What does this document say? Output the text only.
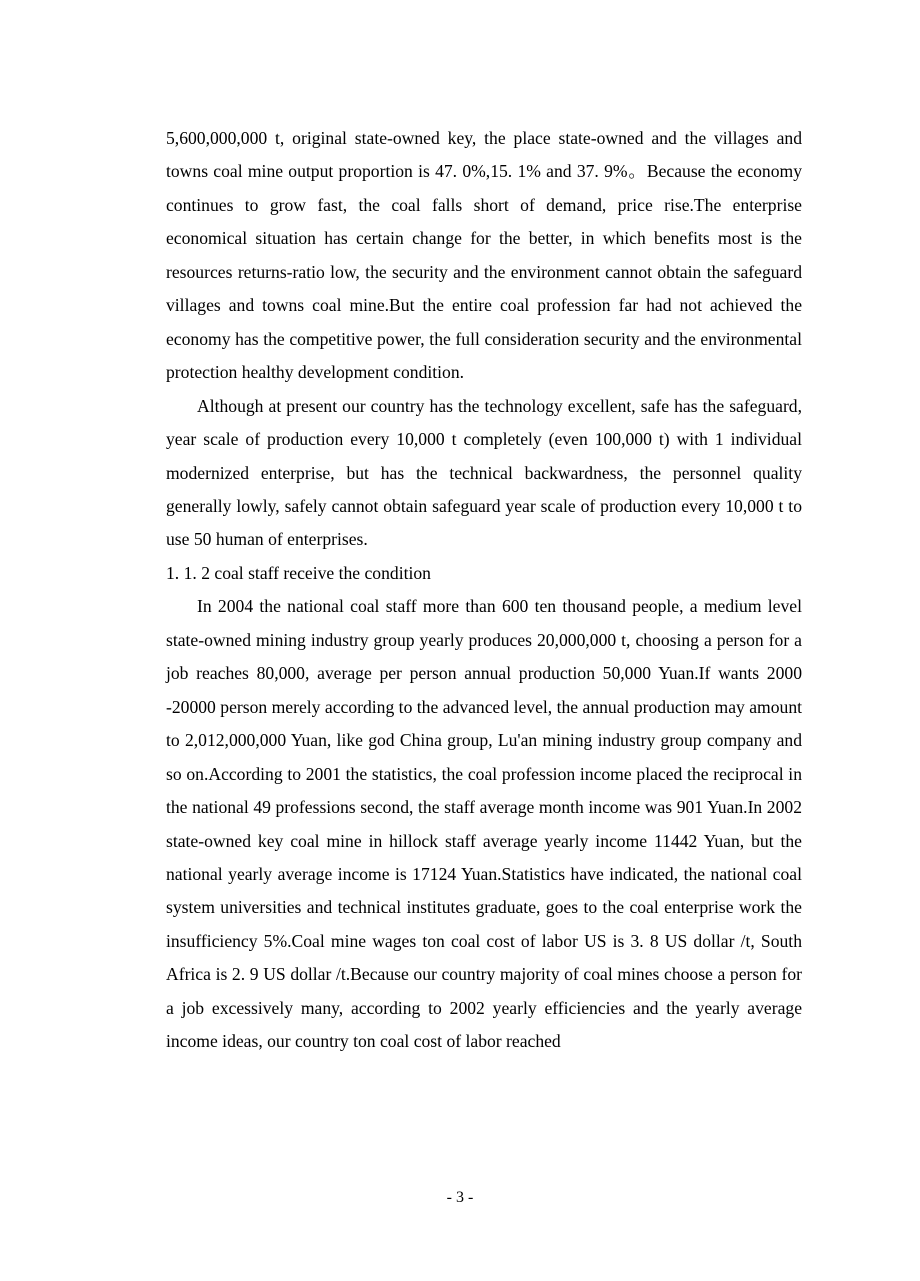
5,600,000,000 t, original state-owned key, the place state-owned and the villages and towns coal mine output proportion is 47. 0%,15. 1% and 37. 9%。Because the economy continues to grow fast, the coal falls short of demand, price rise.The enterprise economical situation has certain change for the better, in which benefits most is the resources returns-ratio low, the security and the environment cannot obtain the safeguard villages and towns coal mine.But the entire coal profession far had not achieved the economy has the competitive power, the full consideration security and the environmental protection healthy development condition.

Although at present our country has the technology excellent, safe has the safeguard, year scale of production every 10,000 t completely (even 100,000 t) with 1 individual modernized enterprise, but has the technical backwardness, the personnel quality generally lowly, safely cannot obtain safeguard year scale of production every 10,000 t to use 50 human of enterprises.

1. 1. 2 coal staff receive the condition

In 2004 the national coal staff more than 600 ten thousand people, a medium level state-owned mining industry group yearly produces 20,000,000 t, choosing a person for a job reaches 80,000, average per person annual production 50,000 Yuan.If wants 2000 -20000 person merely according to the advanced level, the annual production may amount to 2,012,000,000 Yuan, like god China group, Lu'an mining industry group company and so on.According to 2001 the statistics, the coal profession income placed the reciprocal in the national 49 professions second, the staff average month income was 901 Yuan.In 2002 state-owned key coal mine in hillock staff average yearly income 11442 Yuan, but the national yearly average income is 17124 Yuan.Statistics have indicated, the national coal system universities and technical institutes graduate, goes to the coal enterprise work the insufficiency 5%.Coal mine wages ton coal cost of labor US is 3. 8 US dollar /t, South Africa is 2. 9 US dollar /t.Because our country majority of coal mines choose a person for a job excessively many, according to 2002 yearly efficiencies and the yearly average income ideas, our country ton coal cost of labor reached

- 3 -
